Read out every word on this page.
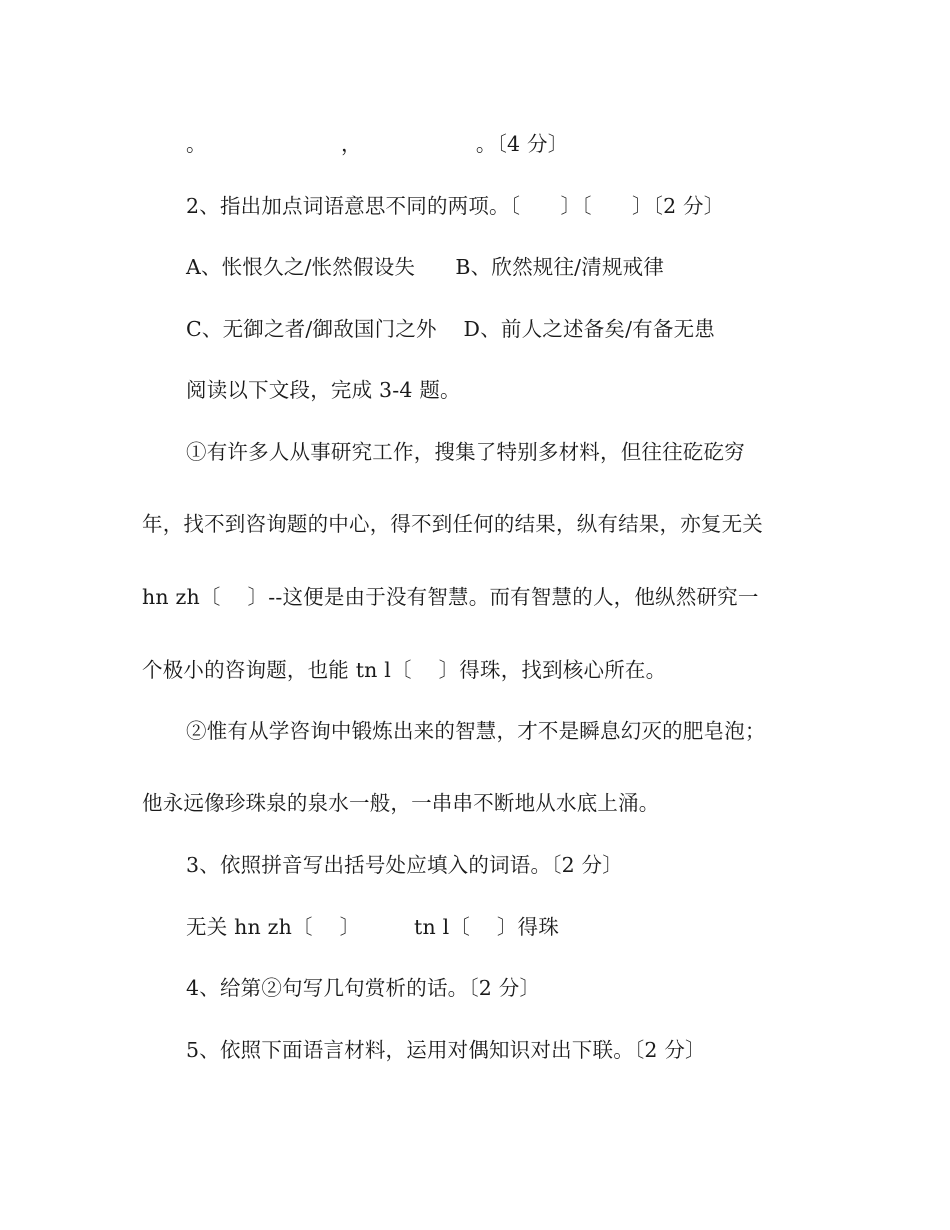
。                    ，                 。〔4 分〕
2、指出加点词语意思不同的两项。〔      〕〔      〕〔2 分〕
A、怅恨久之/怅然假设失      B、欣然规往/清规戒律
C、无御之者/御敌国门之外    D、前人之述备矣/有备无患
阅读以下文段，完成 3-4 题。
①有许多人从事研究工作，搜集了特别多材料，但往往矻矻穷
年，找不到咨询题的中心，得不到任何的结果，纵有结果，亦复无关
hn zh〔    〕--这便是由于没有智慧。而有智慧的人，他纵然研究一
个极小的咨询题，也能 tn l〔    〕得珠，找到核心所在。
②惟有从学咨询中锻炼出来的智慧，才不是瞬息幻灭的肥皂泡；
他永远像珍珠泉的泉水一般，一串串不断地从水底上涌。
3、依照拼音写出括号处应填入的词语。〔2 分〕
无关 hn zh〔    〕        tn l〔    〕得珠
4、给第②句写几句赏析的话。〔2 分〕
5、依照下面语言材料，运用对偶知识对出下联。〔2 分〕
